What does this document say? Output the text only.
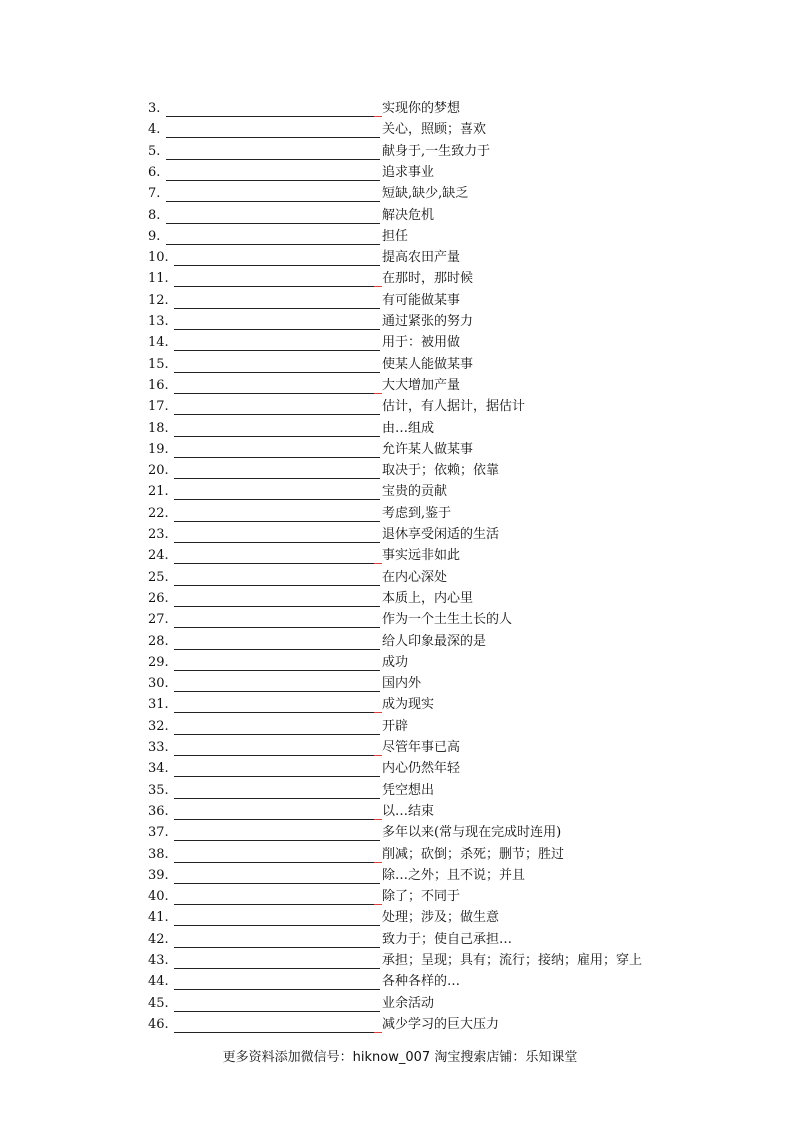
3.	实现你的梦想
4.	关心，照顾；喜欢
5.	献身于,一生致力于
6.	追求事业
7.	短缺,缺少,缺乏
8.	解决危机
9.	担任
10.	提高农田产量
11.	在那时，那时候
12.	有可能做某事
13.	通过紧张的努力
14.	用于：被用做
15.	使某人能做某事
16.	大大增加产量
17.	估计，有人据计，据估计
18.	由…组成
19.	允许某人做某事
20.	取决于；依赖；依靠
21.	宝贵的贡献
22.	考虑到,鉴于
23.	退休享受闲适的生活
24.	事实远非如此
25.	在内心深处
26.	本质上，内心里
27.	作为一个土生土长的人
28.	给人印象最深的是
29.	成功
30.	国内外
31.	成为现实
32.	开辟
33.	尽管年事已高
34.	内心仍然年轻
35.	凭空想出
36.	以…结束
37.	多年以来(常与现在完成时连用)
38.	削减；砍倒；杀死；删节；胜过
39.	除…之外；且不说；并且
40.	除了；不同于
41.	处理；涉及；做生意
42.	致力于；使自己承担…
43.	承担；呈现；具有；流行；接纳；雇用；穿上
44.	各种各样的…
45.	业余活动
46.	减少学习的巨大压力
更多资料添加微信号：hiknow_007 淘宝搜索店铺：乐知课堂
